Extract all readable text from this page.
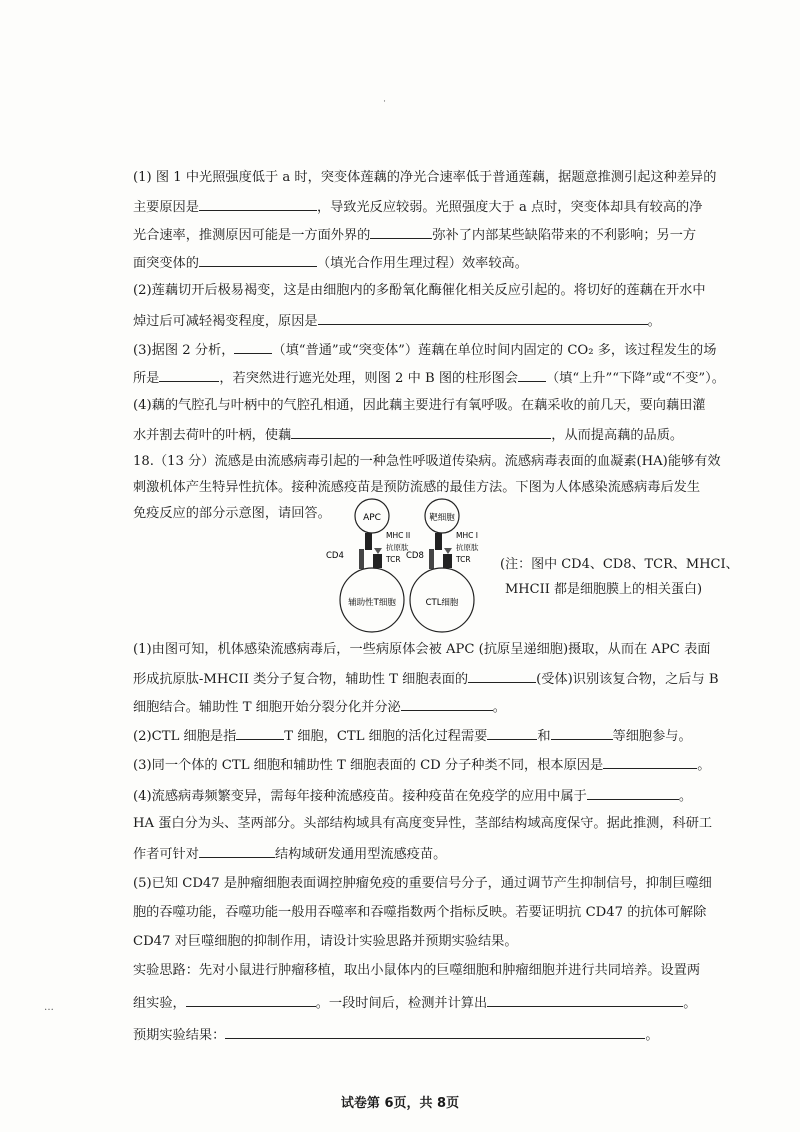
˙
‥.
(1) 图 1 中光照强度低于 a 时，突变体莲藕的净光合速率低于普通莲藕，据题意推测引起这种差异的
主要原因是	，导致光反应较弱。光照强度大于 a 点时，突变体却具有较高的净
光合速率，推测原因可能是一方面外界的	弥补了内部某些缺陷带来的不利影响；另一方
面突变体的	（填光合作用生理过程）效率较高。
(2)莲藕切开后极易褐变，这是由细胞内的多酚氧化酶催化相关反应引起的。将切好的莲藕在开水中
焯过后可减轻褐变程度，原因是	。
(3)据图 2 分析，	（填“普通”或“突变体”）莲藕在单位时间内固定的 CO₂ 多，该过程发生的场
所是	，若突然进行遮光处理，则图 2 中 B 图的柱形图会 （填“上升”“下降”或“不变”）。
(4)藕的气腔孔与叶柄中的气腔孔相通，因此藕主要进行有氧呼吸。在藕采收的前几天，要向藕田灌
水并割去荷叶的叶柄，使藕	，从而提高藕的品质。
18.（13 分）流感是由流感病毒引起的一种急性呼吸道传染病。流感病毒表面的血凝素(HA)能够有效
刺激机体产生特异性抗体。接种流感疫苗是预防流感的最佳方法。下图为人体感染流感病毒后发生
免疫反应的部分示意图，请回答。	APC
辅助性T细胞
CD4
MHC II
抗原肽
TCR
靶细胞
CTL细胞
CD8
MHC I
抗原肽
TCR (注：图中 CD4、CD8、TCR、MHCI、
MHCII 都是细胞膜上的相关蛋白)
(1)由图可知，机体感染流感病毒后，一些病原体会被 APC (抗原呈递细胞)摄取，从而在 APC 表面
形成抗原肽-MHCII 类分子复合物，辅助性 T 细胞表面的	(受体)识别该复合物，之后与 B
细胞结合。辅助性 T 细胞开始分裂分化并分泌	。
(2)CTL 细胞是指	T 细胞，CTL 细胞的活化过程需要	和	等细胞参与。
(3)同一个体的 CTL 细胞和辅助性 T 细胞表面的 CD 分子种类不同，根本原因是	。
(4)流感病毒频繁变异，需每年接种流感疫苗。接种疫苗在免疫学的应用中属于	。
HA 蛋白分为头、茎两部分。头部结构域具有高度变异性，茎部结构域高度保守。据此推测，科研工
作者可针对	结构域研发通用型流感疫苗。
(5)已知 CD47 是肿瘤细胞表面调控肿瘤免疫的重要信号分子，通过调节产生抑制信号，抑制巨噬细
胞的吞噬功能，吞噬功能一般用吞噬率和吞噬指数两个指标反映。若要证明抗 CD47 的抗体可解除
CD47 对巨噬细胞的抑制作用，请设计实验思路并预期实验结果。
实验思路：先对小鼠进行肿瘤移植，取出小鼠体内的巨噬细胞和肿瘤细胞并进行共同培养。设置两
组实验，	。一段时间后，检测并计算出	。
预期实验结果：	。
试卷第 6页，共 8页
